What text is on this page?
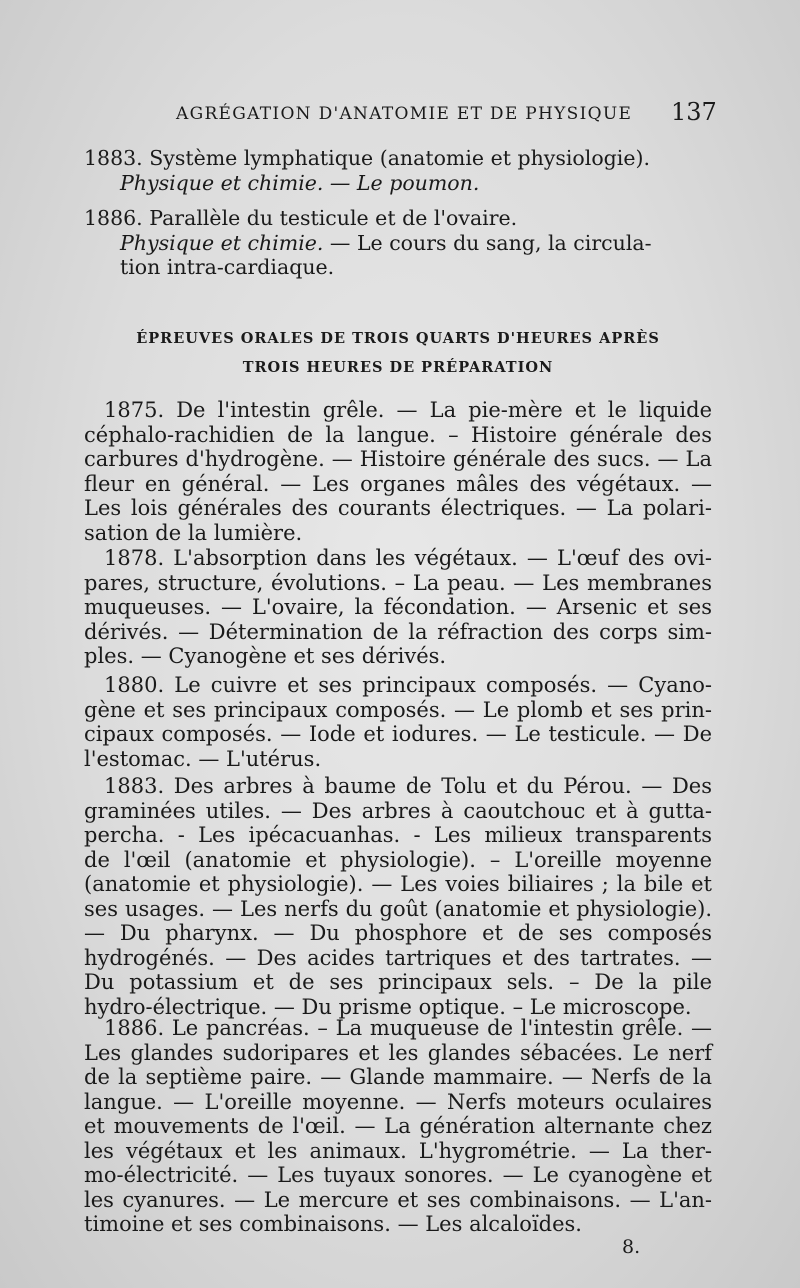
AGRÉGATION D'ANATOMIE ET DE PHYSIQUE 137
1883. Système lymphatique (anatomie et physiologie).
Physique et chimie. — Le poumon.
1886. Parallèle du testicule et de l'ovaire.
Physique et chimie. — Le cours du sang, la circula-
tion intra-cardiaque.
ÉPREUVES ORALES DE TROIS QUARTS D'HEURES APRÈS
TROIS HEURES DE PRÉPARATION
1875. De l'intestin grêle. — La pie-mère et le liquide
céphalo-rachidien de la langue. – Histoire générale des
carbures d'hydrogène. — Histoire générale des sucs. — La
fleur en général. — Les organes mâles des végétaux. —
Les lois générales des courants électriques. — La polari-
sation de la lumière.
1878. L'absorption dans les végétaux. — L'œuf des ovi-
pares, structure, évolutions. – La peau. — Les membranes
muqueuses. — L'ovaire, la fécondation. — Arsenic et ses
dérivés. — Détermination de la réfraction des corps sim-
ples. — Cyanogène et ses dérivés.
1880. Le cuivre et ses principaux composés. — Cyano-
gène et ses principaux composés. — Le plomb et ses prin-
cipaux composés. — Iode et iodures. — Le testicule. — De
l'estomac. — L'utérus.
1883. Des arbres à baume de Tolu et du Pérou. — Des
graminées utiles. — Des arbres à caoutchouc et à gutta-
percha. - Les ipécacuanhas. - Les milieux transparents
de l'œil (anatomie et physiologie). – L'oreille moyenne
(anatomie et physiologie). — Les voies biliaires ; la bile et
ses usages. — Les nerfs du goût (anatomie et physiologie).
— Du pharynx. — Du phosphore et de ses composés
hydrogénés. — Des acides tartriques et des tartrates. —
Du potassium et de ses principaux sels. – De la pile
hydro-électrique. — Du prisme optique. – Le microscope.
1886. Le pancréas. – La muqueuse de l'intestin grêle. —
Les glandes sudoripares et les glandes sébacées. Le nerf
de la septième paire. — Glande mammaire. — Nerfs de la
langue. — L'oreille moyenne. — Nerfs moteurs oculaires
et mouvements de l'œil. — La génération alternante chez
les végétaux et les animaux. L'hygrométrie. — La ther-
mo-électricité. — Les tuyaux sonores. — Le cyanogène et
les cyanures. — Le mercure et ses combinaisons. — L'an-
timoine et ses combinaisons. — Les alcaloïdes.
8.
